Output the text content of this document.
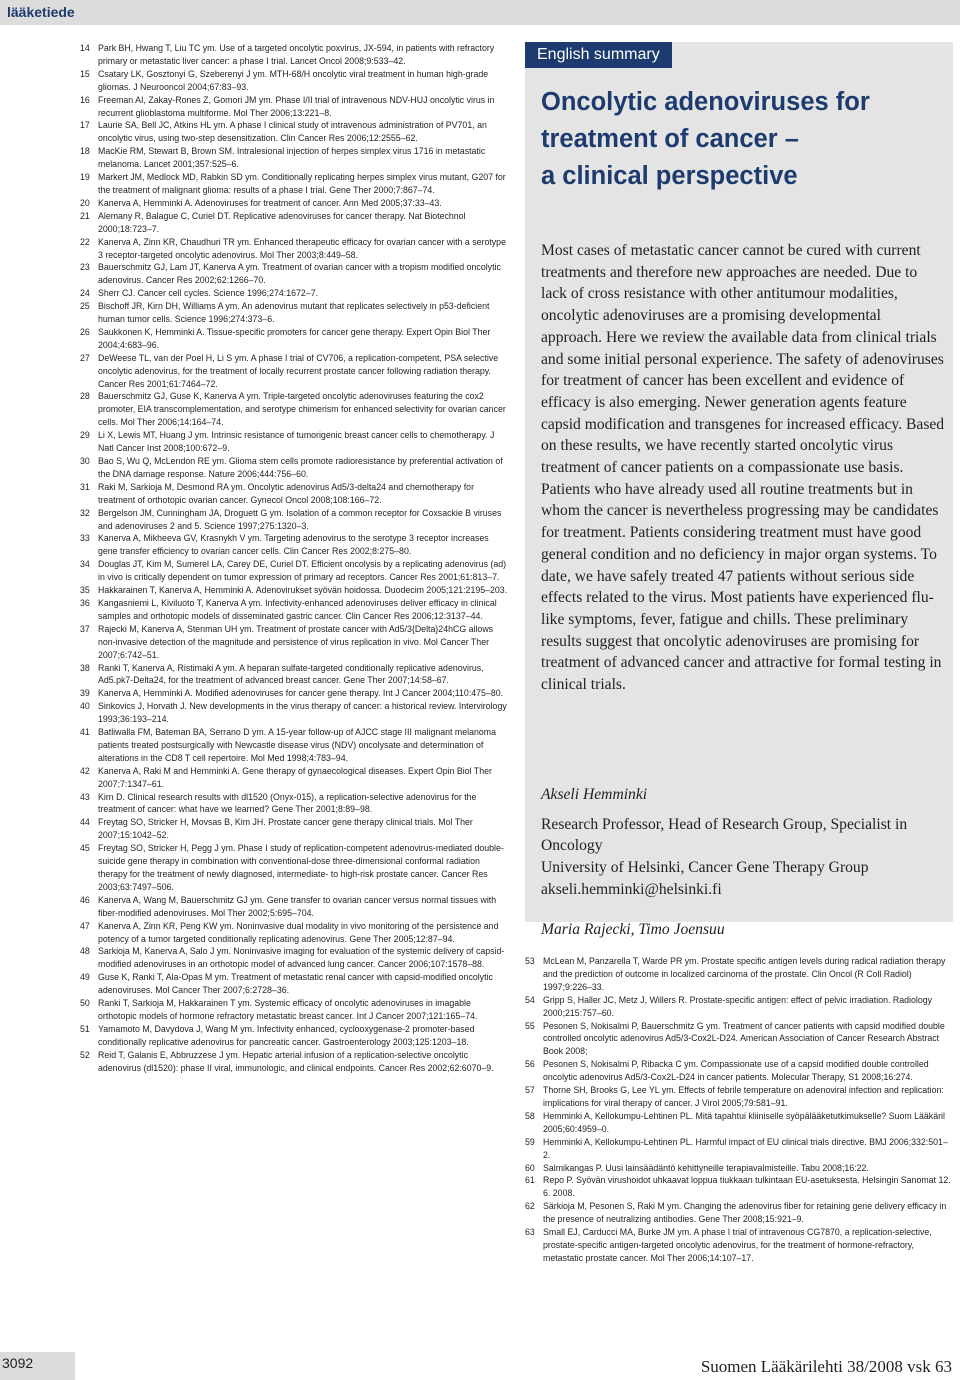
lääketiede
14 Park BH, Hwang T, Liu TC ym. Use of a targeted oncolytic poxvirus, JX-594, in patients with refractory primary or metastatic liver cancer: a phase I trial. Lancet Oncol 2008;9:533–42.
15 Csatary LK, Gosztonyi G, Szeberenyi J ym. MTH-68/H oncolytic viral treatment in human high-grade gliomas. J Neurooncol 2004;67:83–93.
16 Freeman AI, Zakay-Rones Z, Gomori JM ym. Phase I/II trial of intravenous NDV-HUJ oncolytic virus in recurrent glioblastoma multiforme. Mol Ther 2006;13:221–8.
17 Laurie SA, Bell JC, Atkins HL ym. A phase I clinical study of intravenous administration of PV701, an oncolytic virus, using two-step desensitization. Clin Cancer Res 2006;12:2555–62.
18 MacKie RM, Stewart B, Brown SM. Intralesional injection of herpes simplex virus 1716 in metastatic melanoma. Lancet 2001;357:525–6.
19 Markert JM, Medlock MD, Rabkin SD ym. Conditionally replicating herpes simplex virus mutant, G207 for the treatment of malignant glioma: results of a phase I trial. Gene Ther 2000;7:867–74.
20 Kanerva A, Hemminki A. Adenoviruses for treatment of cancer. Ann Med 2005;37:33–43.
21 Alemany R, Balague C, Curiel DT. Replicative adenoviruses for cancer therapy. Nat Biotechnol 2000;18:723–7.
22 Kanerva A, Zinn KR, Chaudhuri TR ym. Enhanced therapeutic efficacy for ovarian cancer with a serotype 3 receptor-targeted oncolytic adenovirus. Mol Ther 2003;8:449–58.
23 Bauerschmitz GJ, Lam JT, Kanerva A ym. Treatment of ovarian cancer with a tropism modified oncolytic adenovirus. Cancer Res 2002;62:1266–70.
24 Sherr CJ. Cancer cell cycles. Science 1996;274:1672–7.
25 Bischoff JR, Kirn DH, Williams A ym. An adenovirus mutant that replicates selectively in p53-deficient human tumor cells. Science 1996;274:373–6.
26 Saukkonen K, Hemminki A. Tissue-specific promoters for cancer gene therapy. Expert Opin Biol Ther 2004;4:683–96.
27 DeWeese TL, van der Poel H, Li S ym. A phase I trial of CV706, a replication-competent, PSA selective oncolytic adenovirus, for the treatment of locally recurrent prostate cancer following radiation therapy. Cancer Res 2001;61:7464–72.
28 Bauerschmitz GJ, Guse K, Kanerva A ym. Triple-targeted oncolytic adenoviruses featuring the cox2 promoter, EIA transcomplementation, and serotype chimerism for enhanced selectivity for ovarian cancer cells. Mol Ther 2006;14:164–74.
29 Li X, Lewis MT, Huang J ym. Intrinsic resistance of tumorigenic breast cancer cells to chemotherapy. J Natl Cancer Inst 2008;100:672–9.
30 Bao S, Wu Q, McLendon RE ym. Glioma stem cells promote radioresistance by preferential activation of the DNA damage response. Nature 2006;444:756–60.
31 Raki M, Sarkioja M, Desmond RA ym. Oncolytic adenovirus Ad5/3-delta24 and chemotherapy for treatment of orthotopic ovarian cancer. Gynecol Oncol 2008;108:166–72.
32 Bergelson JM, Cunningham JA, Droguett G ym. Isolation of a common receptor for Coxsackie B viruses and adenoviruses 2 and 5. Science 1997;275:1320–3.
33 Kanerva A, Mikheeva GV, Krasnykh V ym. Targeting adenovirus to the serotype 3 receptor increases gene transfer efficiency to ovarian cancer cells. Clin Cancer Res 2002;8:275–80.
34 Douglas JT, Kim M, Sumerel LA, Carey DE, Curiel DT. Efficient oncolysis by a replicating adenovirus (ad) in vivo is critically dependent on tumor expression of primary ad receptors. Cancer Res 2001;61:813–7.
35 Hakkarainen T, Kanerva A, Hemminki A. Adenovirukset syövän hoidossa. Duodecim 2005;121:2195–203.
36 Kangasniemi L, Kiviluoto T, Kanerva A ym. Infectivity-enhanced adenoviruses deliver efficacy in clinical samples and orthotopic models of disseminated gastric cancer. Clin Cancer Res 2006;12:3137–44.
37 Rajecki M, Kanerva A, Stenman UH ym. Treatment of prostate cancer with Ad5/3{Delta}24hCG allows non-invasive detection of the magnitude and persistence of virus replication in vivo. Mol Cancer Ther 2007;6:742–51.
38 Ranki T, Kanerva A, Ristimaki A ym. A heparan sulfate-targeted conditionally replicative adenovirus, Ad5.pk7-Delta24, for the treatment of advanced breast cancer. Gene Ther 2007;14:58–67.
39 Kanerva A, Hemminki A. Modified adenoviruses for cancer gene therapy. Int J Cancer 2004;110:475–80.
40 Sinkovics J, Horvath J. New developments in the virus therapy of cancer: a historical review. Intervirology 1993;36:193–214.
41 Batliwalla FM, Bateman BA, Serrano D ym. A 15-year follow-up of AJCC stage III malignant melanoma patients treated postsurgically with Newcastle disease virus (NDV) oncolysate and determination of alterations in the CD8 T cell repertoire. Mol Med 1998;4:783–94.
42 Kanerva A, Raki M and Hemminki A. Gene therapy of gynaecological diseases. Expert Opin Biol Ther 2007;7:1347–61.
43 Kirn D. Clinical research results with dl1520 (Onyx-015), a replication-selective adenovirus for the treatment of cancer: what have we learned? Gene Ther 2001;8:89–98.
44 Freytag SO, Stricker H, Movsas B, Kim JH. Prostate cancer gene therapy clinical trials. Mol Ther 2007;15:1042–52.
45 Freytag SO, Stricker H, Pegg J ym. Phase I study of replication-competent adenovirus-mediated double-suicide gene therapy in combination with conventional-dose three-dimensional conformal radiation therapy for the treatment of newly diagnosed, intermediate- to high-risk prostate cancer. Cancer Res 2003;63:7497–506.
46 Kanerva A, Wang M, Bauerschmitz GJ ym. Gene transfer to ovarian cancer versus normal tissues with fiber-modified adenoviruses. Mol Ther 2002;5:695–704.
47 Kanerva A, Zinn KR, Peng KW ym. Noninvasive dual modality in vivo monitoring of the persistence and potency of a tumor targeted conditionally replicating adenovirus. Gene Ther 2005;12:87–94.
48 Sarkioja M, Kanerva A, Salo J ym. Noninvasive imaging for evaluation of the systemic delivery of capsid-modified adenoviruses in an orthotopic model of advanced lung cancer. Cancer 2006;107:1578–88.
49 Guse K, Ranki T, Ala-Opas M ym. Treatment of metastatic renal cancer with capsid-modified oncolytic adenoviruses. Mol Cancer Ther 2007;6:2728–36.
50 Ranki T, Sarkioja M, Hakkarainen T ym. Systemic efficacy of oncolytic adenoviruses in imagable orthotopic models of hormone refractory metastatic breast cancer. Int J Cancer 2007;121:165–74.
51 Yamamoto M, Davydova J, Wang M ym. Infectivity enhanced, cyclooxygenase-2 promoter-based conditionally replicative adenovirus for pancreatic cancer. Gastroenterology 2003;125:1203–18.
52 Reid T, Galanis E, Abbruzzese J ym. Hepatic arterial infusion of a replication-selective oncolytic adenovirus (dl1520): phase II viral, immunologic, and clinical endpoints. Cancer Res 2002;62:6070–9.
English summary
Oncolytic adenoviruses for
treatment of cancer –
a clinical perspective
Most cases of metastatic cancer cannot be cured with current treatments and therefore new approaches are needed. Due to lack of cross resistance with other antitumour modalities, oncolytic adenoviruses are a promising developmental approach. Here we review the available data from clinical trials and some initial personal experience. The safety of adenoviruses for treatment of cancer has been excellent and evidence of efficacy is also emerging. Newer generation agents feature capsid modification and transgenes for increased efficacy. Based on these results, we have recently started oncolytic virus treatment of cancer patients on a compassionate use basis. Patients who have already used all routine treatments but in whom the cancer is nevertheless progressing may be candidates for treatment. Patients considering treatment must have good general condition and no deficiency in major organ systems. To date, we have safely treated 47 patients without serious side effects related to the virus. Most patients have experienced flu-like symptoms, fever, fatigue and chills. These preliminary results suggest that oncolytic adenoviruses are promising for treatment of advanced cancer and attractive for formal testing in clinical trials.
Akseli Hemminki
Research Professor, Head of Research Group, Specialist in Oncology
University of Helsinki, Cancer Gene Therapy Group
akseli.hemminki@helsinki.fi
Maria Rajecki, Timo Joensuu
53 McLean M, Panzarella T, Warde PR ym. Prostate specific antigen levels during radical radiation therapy and the prediction of outcome in localized carcinoma of the prostate. Clin Oncol (R Coll Radiol) 1997;9:226–33.
54 Gripp S, Haller JC, Metz J, Willers R. Prostate-specific antigen: effect of pelvic irradiation. Radiology 2000;215:757–60.
55 Pesonen S, Nokisalmi P, Bauerschmitz G ym. Treatment of cancer patients with capsid modified double controlled oncolytic adenovirus Ad5/3-Cox2L-D24. American Association of Cancer Research Abstract Book 2008;
56 Pesonen S, Nokisalmi P, Ribacka C ym. Compassionate use of a capsid modified double controlled oncolytic adenovirus Ad5/3-Cox2L-D24 in cancer patients. Molecular Therapy, S1 2008;16:274.
57 Thorne SH, Brooks G, Lee YL ym. Effects of febrile temperature on adenoviral infection and replication: implications for viral therapy of cancer. J Virol 2005;79:581–91.
58 Hemminki A, Kellokumpu-Lehtinen PL. Mitä tapahtui kliiniselle syöpälääketutkimukselle? Suom Lääkäril 2005;60:4959–0.
59 Hemminki A, Kellokumpu-Lehtinen PL. Harmful impact of EU clinical trials directive. BMJ 2006;332:501–2.
60 Salmikangas P. Uusi lainsäädäntö kehittyneille terapiavalmisteille. Tabu 2008;16:22.
61 Repo P. Syövän virushoidot uhkaavat loppua tiukkaan tulkintaan EU-asetuksesta. Helsingin Sanomat 12. 6. 2008.
62 Särkioja M, Pesonen S, Raki M ym. Changing the adenovirus fiber for retaining gene delivery efficacy in the presence of neutralizing antibodies. Gene Ther 2008;15:921–9.
63 Small EJ, Carducci MA, Burke JM ym. A phase I trial of intravenous CG7870, a replication-selective, prostate-specific antigen-targeted oncolytic adenovirus, for the treatment of hormone-refractory, metastatic prostate cancer. Mol Ther 2006;14:107–17.
3092	Suomen Lääkärilehti 38/2008 vsk 63
